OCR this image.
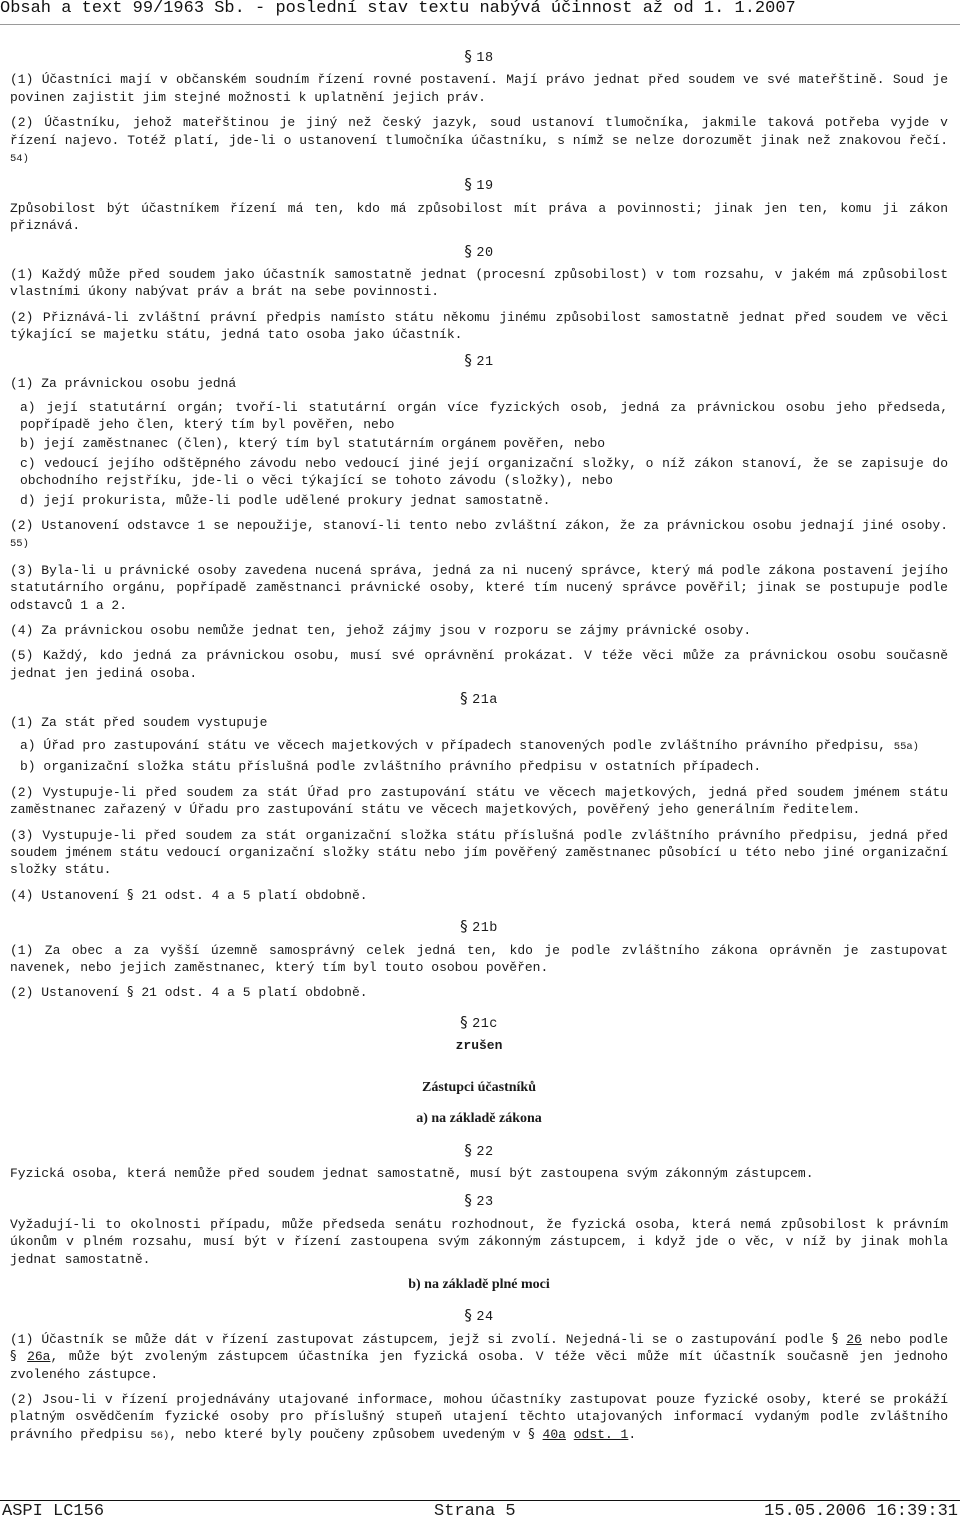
Obsah a text 99/1963 Sb. - poslední stav textu nabývá účinnost až od 1. 1.2007
§ 18

(1) Účastníci mají v občanském soudním řízení rovné postavení. Mají právo jednat před soudem ve své mateřštině. Soud je povinen zajistit jim stejné možnosti k uplatnění jejich práv.

(2) Účastníku, jehož mateřštinou je jiný než český jazyk, soud ustanoví tlumočníka, jakmile taková potřeba vyjde v řízení najevo. Totéž platí, jde-li o ustanovení tlumočníka účastníku, s nímž se nelze dorozumět jinak než znakovou řečí. 54)

§ 19

Způsobilost být účastníkem řízení má ten, kdo má způsobilost mít práva a povinnosti; jinak jen ten, komu ji zákon přiznává.

§ 20

(1) Každý může před soudem jako účastník samostatně jednat (procesní způsobilost) v tom rozsahu, v jakém má způsobilost vlastními úkony nabývat práv a brát na sebe povinnosti.

(2) Přiznává-li zvláštní právní předpis namísto státu někomu jinému způsobilost samostatně jednat před soudem ve věci týkající se majetku státu, jedná tato osoba jako účastník.

§ 21

(1) Za právnickou osobu jedná

a) její statutární orgán; tvoří-li statutární orgán více fyzických osob, jedná za právnickou osobu jeho předseda, popřípadě jeho člen, který tím byl pověřen, nebo

b) její zaměstnanec (člen), který tím byl statutárním orgánem pověřen, nebo

c) vedoucí jejího odštěpného závodu nebo vedoucí jiné její organizační složky, o níž zákon stanoví, že se zapisuje do obchodního rejstříku, jde-li o věci týkající se tohoto závodu (složky), nebo

d) její prokurista, může-li podle udělené prokury jednat samostatně.

(2) Ustanovení odstavce 1 se nepoužije, stanoví-li tento nebo zvláštní zákon, že za právnickou osobu jednají jiné osoby. 55)

(3) Byla-li u právnické osoby zavedena nucená správa, jedná za ni nucený správce, který má podle zákona postavení jejího statutárního orgánu, popřípadě zaměstnanci právnické osoby, které tím nucený správce pověřil; jinak se postupuje podle odstavců 1 a 2.

(4) Za právnickou osobu nemůže jednat ten, jehož zájmy jsou v rozporu se zájmy právnické osoby.

(5) Každý, kdo jedná za právnickou osobu, musí své oprávnění prokázat. V téže věci může za právnickou osobu současně jednat jen jediná osoba.

§ 21a

(1) Za stát před soudem vystupuje

a) Úřad pro zastupování státu ve věcech majetkových v případech stanovených podle zvláštního právního předpisu, 55a)

b) organizační složka státu příslušná podle zvláštního právního předpisu v ostatních případech.

(2) Vystupuje-li před soudem za stát Úřad pro zastupování státu ve věcech majetkových, jedná před soudem jménem státu zaměstnanec zařazený v Úřadu pro zastupování státu ve věcech majetkových, pověřený jeho generálním ředitelem.

(3) Vystupuje-li před soudem za stát organizační složka státu příslušná podle zvláštního právního předpisu, jedná před soudem jménem státu vedoucí organizační složky státu nebo jím pověřený zaměstnanec působící u této nebo jiné organizační složky státu.

(4) Ustanovení § 21 odst. 4 a 5 platí obdobně.

§ 21b

(1) Za obec a za vyšší územně samosprávný celek jedná ten, kdo je podle zvláštního zákona oprávněn je zastupovat navenek, nebo jejich zaměstnanec, který tím byl touto osobou pověřen.

(2) Ustanovení § 21 odst. 4 a 5 platí obdobně.

§ 21c
zrušen
Zástupci účastníků
a) na základě zákona
§ 22

Fyzická osoba, která nemůže před soudem jednat samostatně, musí být zastoupena svým zákonným zástupcem.

§ 23

Vyžadují-li to okolnosti případu, může předseda senátu rozhodnout, že fyzická osoba, která nemá způsobilost k právním úkonům v plném rozsahu, musí být v řízení zastoupena svým zákonným zástupcem, i když jde o věc, v níž by jinak mohla jednat samostatně.

b) na základě plné moci
§ 24

(1) Účastník se může dát v řízení zastupovat zástupcem, jejž si zvolí. Nejedná-li se o zastupování podle § 26 nebo podle § 26a, může být zvoleným zástupcem účastníka jen fyzická osoba. V téže věci může mít účastník současně jen jednoho zvoleného zástupce.

(2) Jsou-li v řízení projednávány utajované informace, mohou účastníky zastupovat pouze fyzické osoby, které se prokáží platným osvědčením fyzické osoby pro příslušný stupeň utajení těchto utajovaných informací vydaným podle zvláštního právního předpisu 56), nebo které byly poučeny způsobem uvedeným v § 40a odst. 1.

ASPI LC156	Strana 5	15.05.2006 16:39:31
